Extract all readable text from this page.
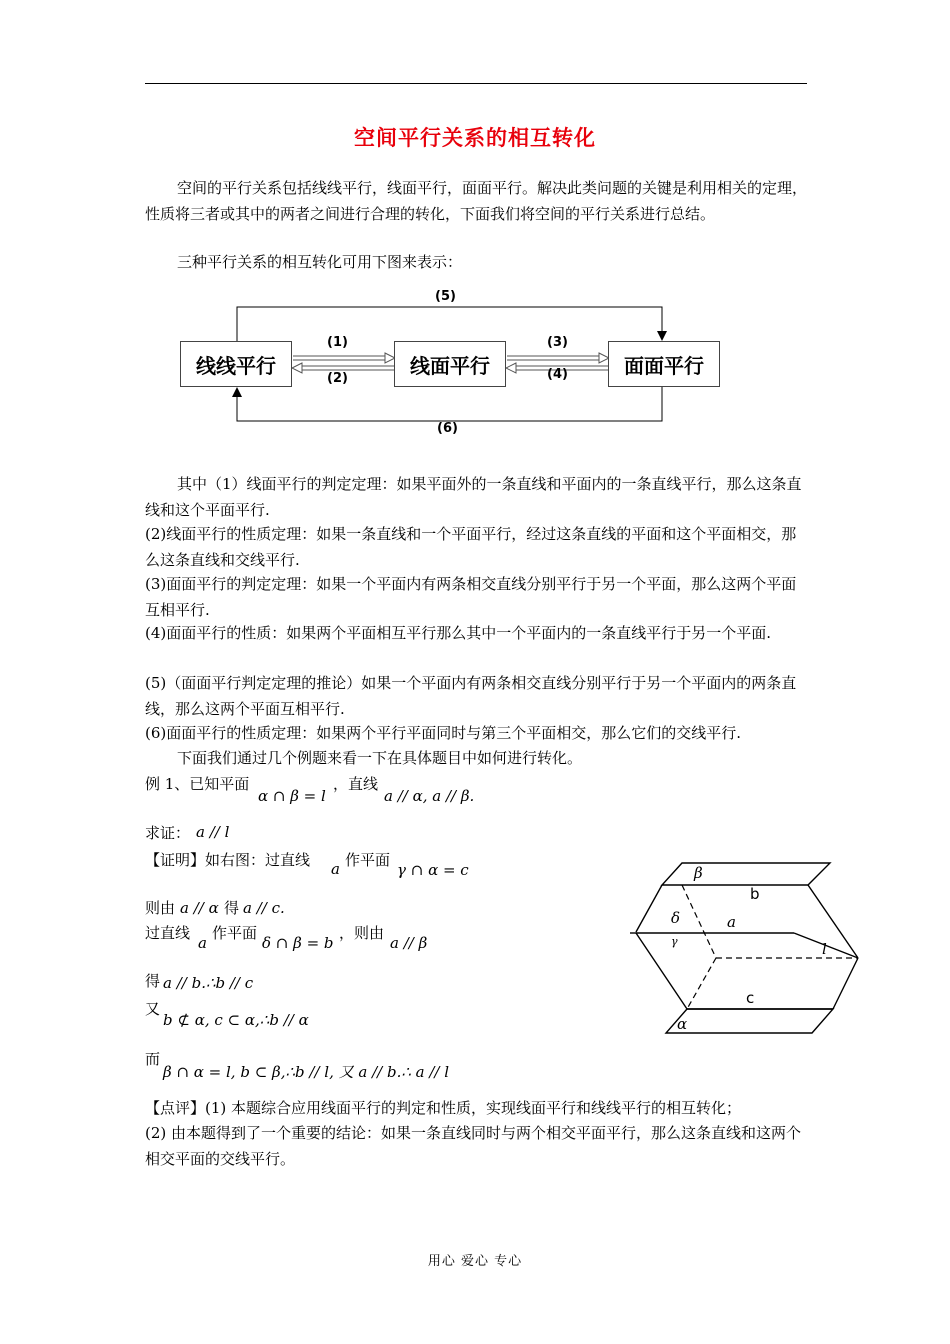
空间平行关系的相互转化
空间的平行关系包括线线平行，线面平行，面面平行。解决此类问题的关键是利用相关的定理，性质将三者或其中的两者之间进行合理的转化，下面我们将空间的平行关系进行总结。
三种平行关系的相互转化可用下图来表示：
线线平行	线面平行	面面平行
(1)
(2)
(3)
(4)
(5)
(6)
其中（1）线面平行的判定定理：如果平面外的一条直线和平面内的一条直线平行，那么这条直线和这个平面平行.
(2)线面平行的性质定理：如果一条直线和一个平面平行，经过这条直线的平面和这个平面相交，那么这条直线和交线平行.
(3)面面平行的判定定理：如果一个平面内有两条相交直线分别平行于另一个平面，那么这两个平面互相平行.
(4)面面平行的性质：如果两个平面相互平行那么其中一个平面内的一条直线平行于另一个平面.
(5)（面面平行判定定理的推论）如果一个平面内有两条相交直线分别平行于另一个平面内的两条直线，那么这两个平面互相平行.
(6)面面平行的性质定理：如果两个平行平面同时与第三个平面相交，那么它们的交线平行.
下面我们通过几个例题来看一下在具体题目中如何进行转化。
例 1、已知平面
α ∩ β = l
，直线
a // α, a // β.
求证： a // l
【证明】如右图：过直线 a 作平面
γ ∩ α = c
则由 a // α 得 a // c.
过直线
a
作平面
δ ∩ β = b
，则由
a // β
得 a // b.∴b // c
又
b ⊄ α, c ⊂ α,∴b // α
而
β ∩ α = l, b ⊂ β,∴b // l, 又 a // b.∴ a // l
β
b
δ	a
γ	l
c
α
【点评】(1) 本题综合应用线面平行的判定和性质，实现线面平行和线线平行的相互转化；
(2) 由本题得到了一个重要的结论：如果一条直线同时与两个相交平面平行，那么这条直线和这两个相交平面的交线平行。
用心 爱心 专心
